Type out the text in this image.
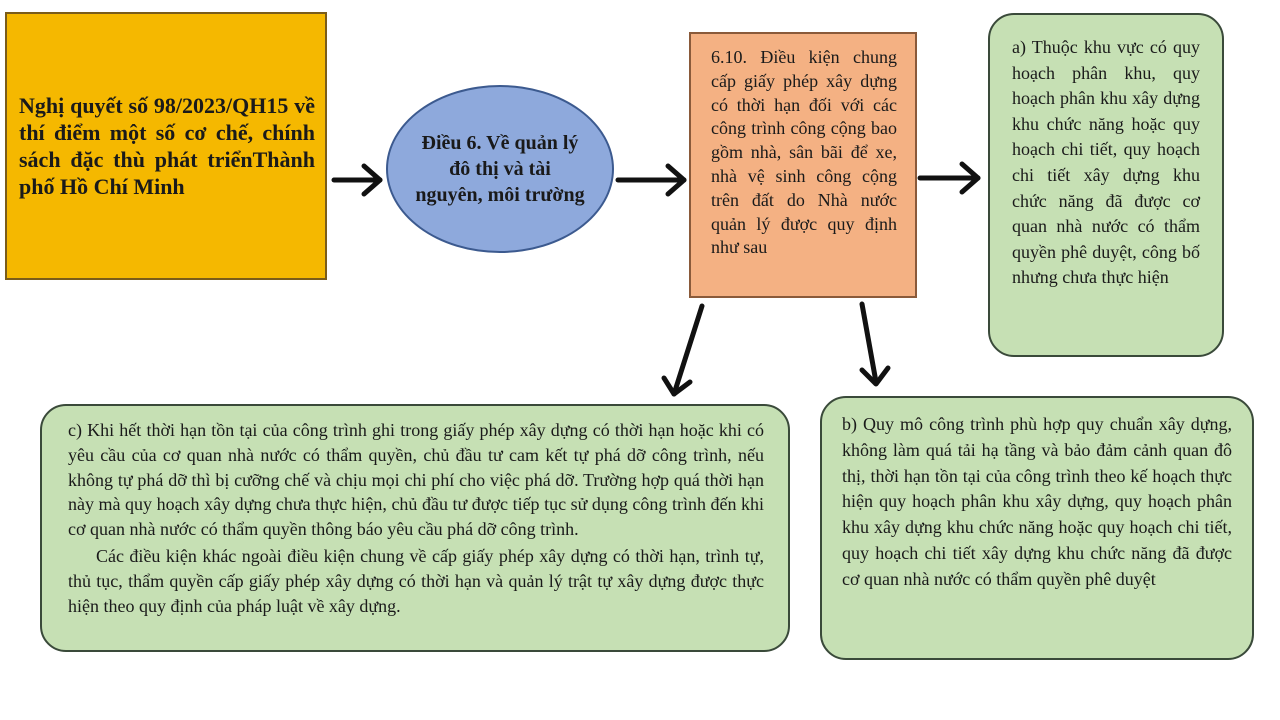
Nghị quyết số 98/2023/QH15 về thí điểm một số cơ chế, chính sách đặc thù phát triểnThành phố Hồ Chí Minh
Điều 6. Về quản lý đô thị và tài nguyên, môi trường
6.10. Điều kiện chung cấp giấy phép xây dựng có thời hạn đối với các công trình công cộng bao gồm nhà, sân bãi để xe, nhà vệ sinh công cộng trên đất do Nhà nước quản lý được quy định như sau
a) Thuộc khu vực có quy hoạch phân khu, quy hoạch phân khu xây dựng khu chức năng hoặc quy hoạch chi tiết, quy hoạch chi tiết xây dựng khu chức năng đã được cơ quan nhà nước có thẩm quyền phê duyệt, công bố nhưng chưa thực hiện
b) Quy mô công trình phù hợp quy chuẩn xây dựng, không làm quá tải hạ tầng và bảo đảm cảnh quan đô thị, thời hạn tồn tại của công trình theo kế hoạch thực hiện quy hoạch phân khu xây dựng, quy hoạch phân khu xây dựng khu chức năng hoặc quy hoạch chi tiết, quy hoạch chi tiết xây dựng khu chức năng đã được cơ quan nhà nước có thẩm quyền phê duyệt
c) Khi hết thời hạn tồn tại của công trình ghi trong giấy phép xây dựng có thời hạn hoặc khi có yêu cầu của cơ quan nhà nước có thẩm quyền, chủ đầu tư cam kết tự phá dỡ công trình, nếu không tự phá dỡ thì bị cưỡng chế và chịu mọi chi phí cho việc phá dỡ. Trường hợp quá thời hạn này mà quy hoạch xây dựng chưa thực hiện, chủ đầu tư được tiếp tục sử dụng công trình đến khi cơ quan nhà nước có thẩm quyền thông báo yêu cầu phá dỡ công trình.
Các điều kiện khác ngoài điều kiện chung về cấp giấy phép xây dựng có thời hạn, trình tự, thủ tục, thẩm quyền cấp giấy phép xây dựng có thời hạn và quản lý trật tự xây dựng được thực hiện theo quy định của pháp luật về xây dựng.
